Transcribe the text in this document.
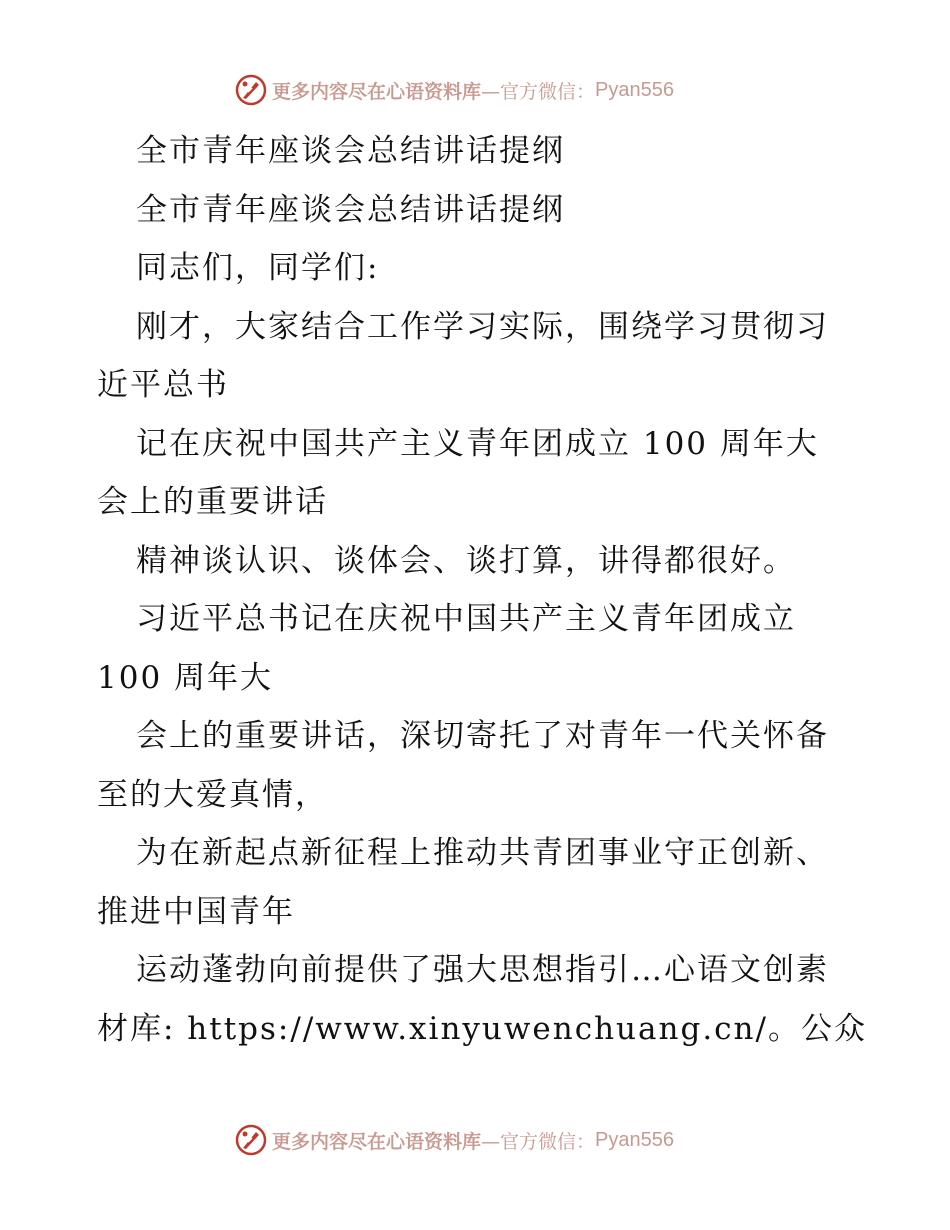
更多内容尽在心语资料库 —官方微信： Pyan556
全市青年座谈会总结讲话提纲
全市青年座谈会总结讲话提纲
同志们，同学们:
刚才，大家结合工作学习实际，围绕学习贯彻习
近平总书
记在庆祝中国共产主义青年团成立 100 周年大
会上的重要讲话
精神谈认识、谈体会、谈打算，讲得都很好。
习近平总书记在庆祝中国共产主义青年团成立
100 周年大
会上的重要讲话，深切寄托了对青年一代关怀备
至的大爱真情，
为在新起点新征程上推动共青团事业守正创新、
推进中国青年
运动蓬勃向前提供了强大思想指引…心语文创素
材库: https://www.xinyuwenchuang.cn/。公众
更多内容尽在心语资料库 —官方微信： Pyan556
